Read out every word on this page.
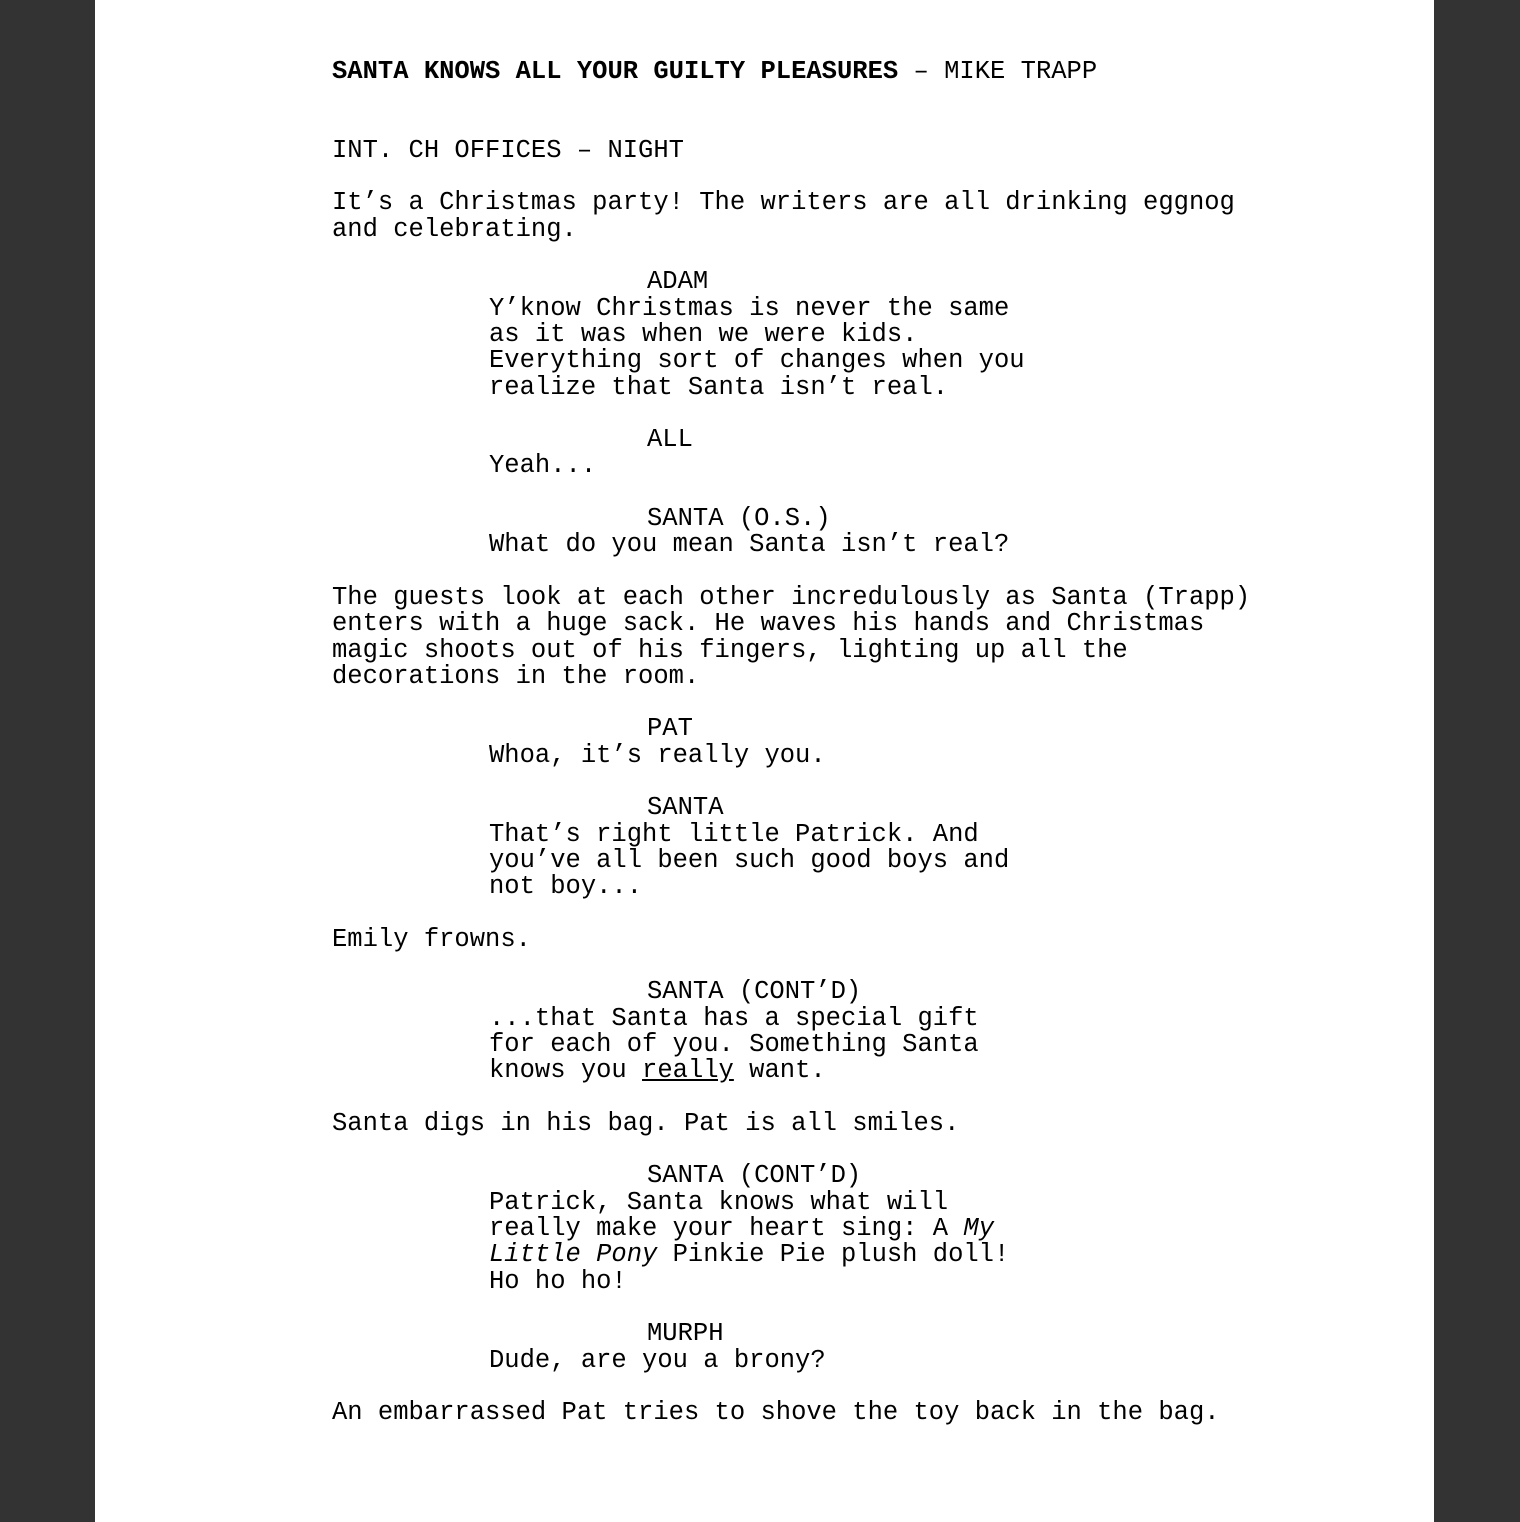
SANTA KNOWS ALL YOUR GUILTY PLEASURES – MIKE TRAPP
INT. CH OFFICES – NIGHT
It’s a Christmas party! The writers are all drinking eggnog
and celebrating.
ADAM
Y’know Christmas is never the same
as it was when we were kids.
Everything sort of changes when you
realize that Santa isn’t real.
ALL
Yeah...
SANTA (O.S.)
What do you mean Santa isn’t real?
The guests look at each other incredulously as Santa (Trapp)
enters with a huge sack. He waves his hands and Christmas
magic shoots out of his fingers, lighting up all the
decorations in the room.
PAT
Whoa, it’s really you.
SANTA
That’s right little Patrick. And
you’ve all been such good boys and
not boy...
Emily frowns.
SANTA (CONT’D)
...that Santa has a special gift
for each of you. Something Santa
knows you really want.
Santa digs in his bag. Pat is all smiles.
SANTA (CONT’D)
Patrick, Santa knows what will
really make your heart sing: A My
Little Pony Pinkie Pie plush doll!
Ho ho ho!
MURPH
Dude, are you a brony?
An embarrassed Pat tries to shove the toy back in the bag.
